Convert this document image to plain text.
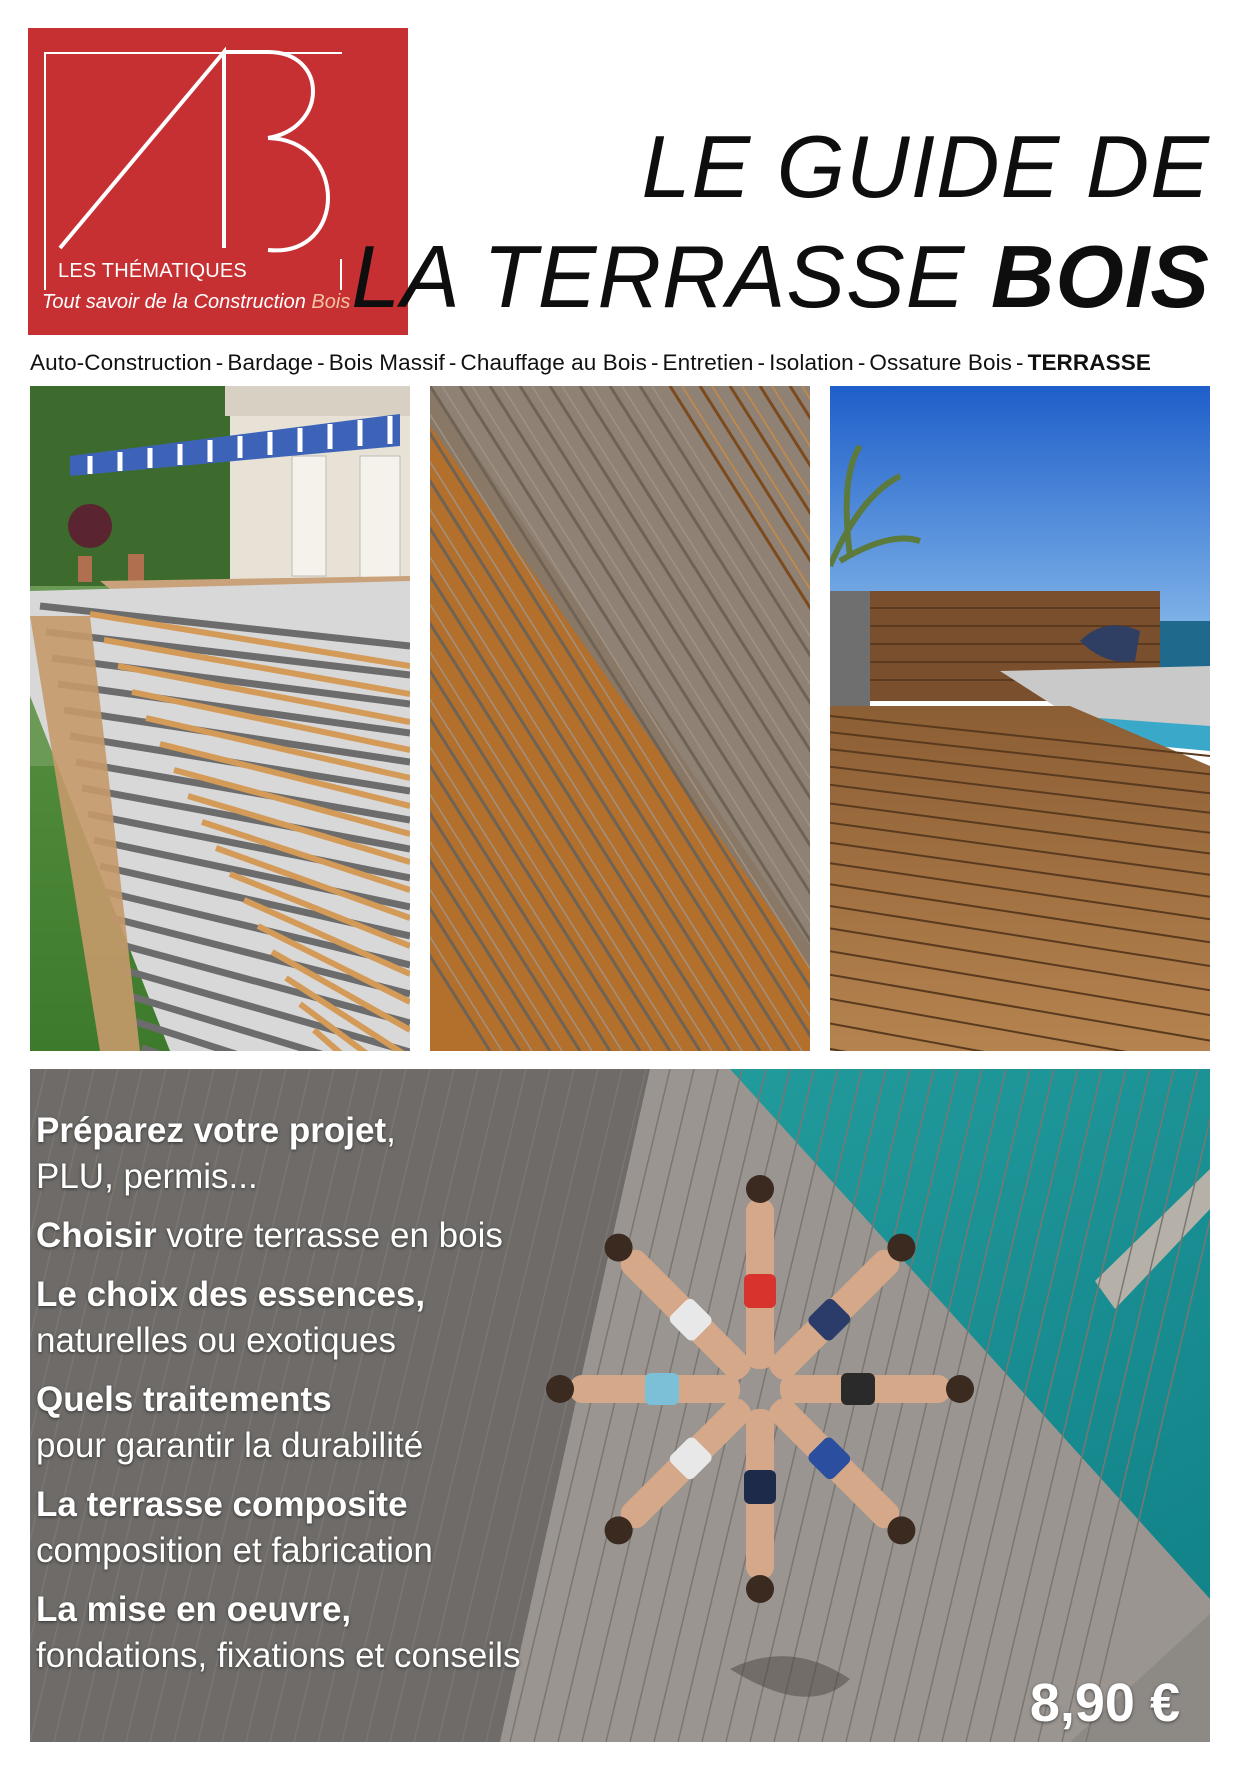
LES THÉMATIQUES
Tout savoir de la Construction Bois
LE GUIDE DE
LA TERRASSE BOIS
Auto-Construction - Bardage - Bois Massif - Chauffage au Bois - Entretien - Isolation - Ossature Bois - TERRASSE
Préparez votre projet,
PLU, permis...
Choisir votre terrasse en bois
Le choix des essences,
naturelles ou exotiques
Quels traitements
pour garantir la durabilité
La terrasse composite
composition et fabrication
La mise en oeuvre,
fondations, fixations et conseils
8,90 €
